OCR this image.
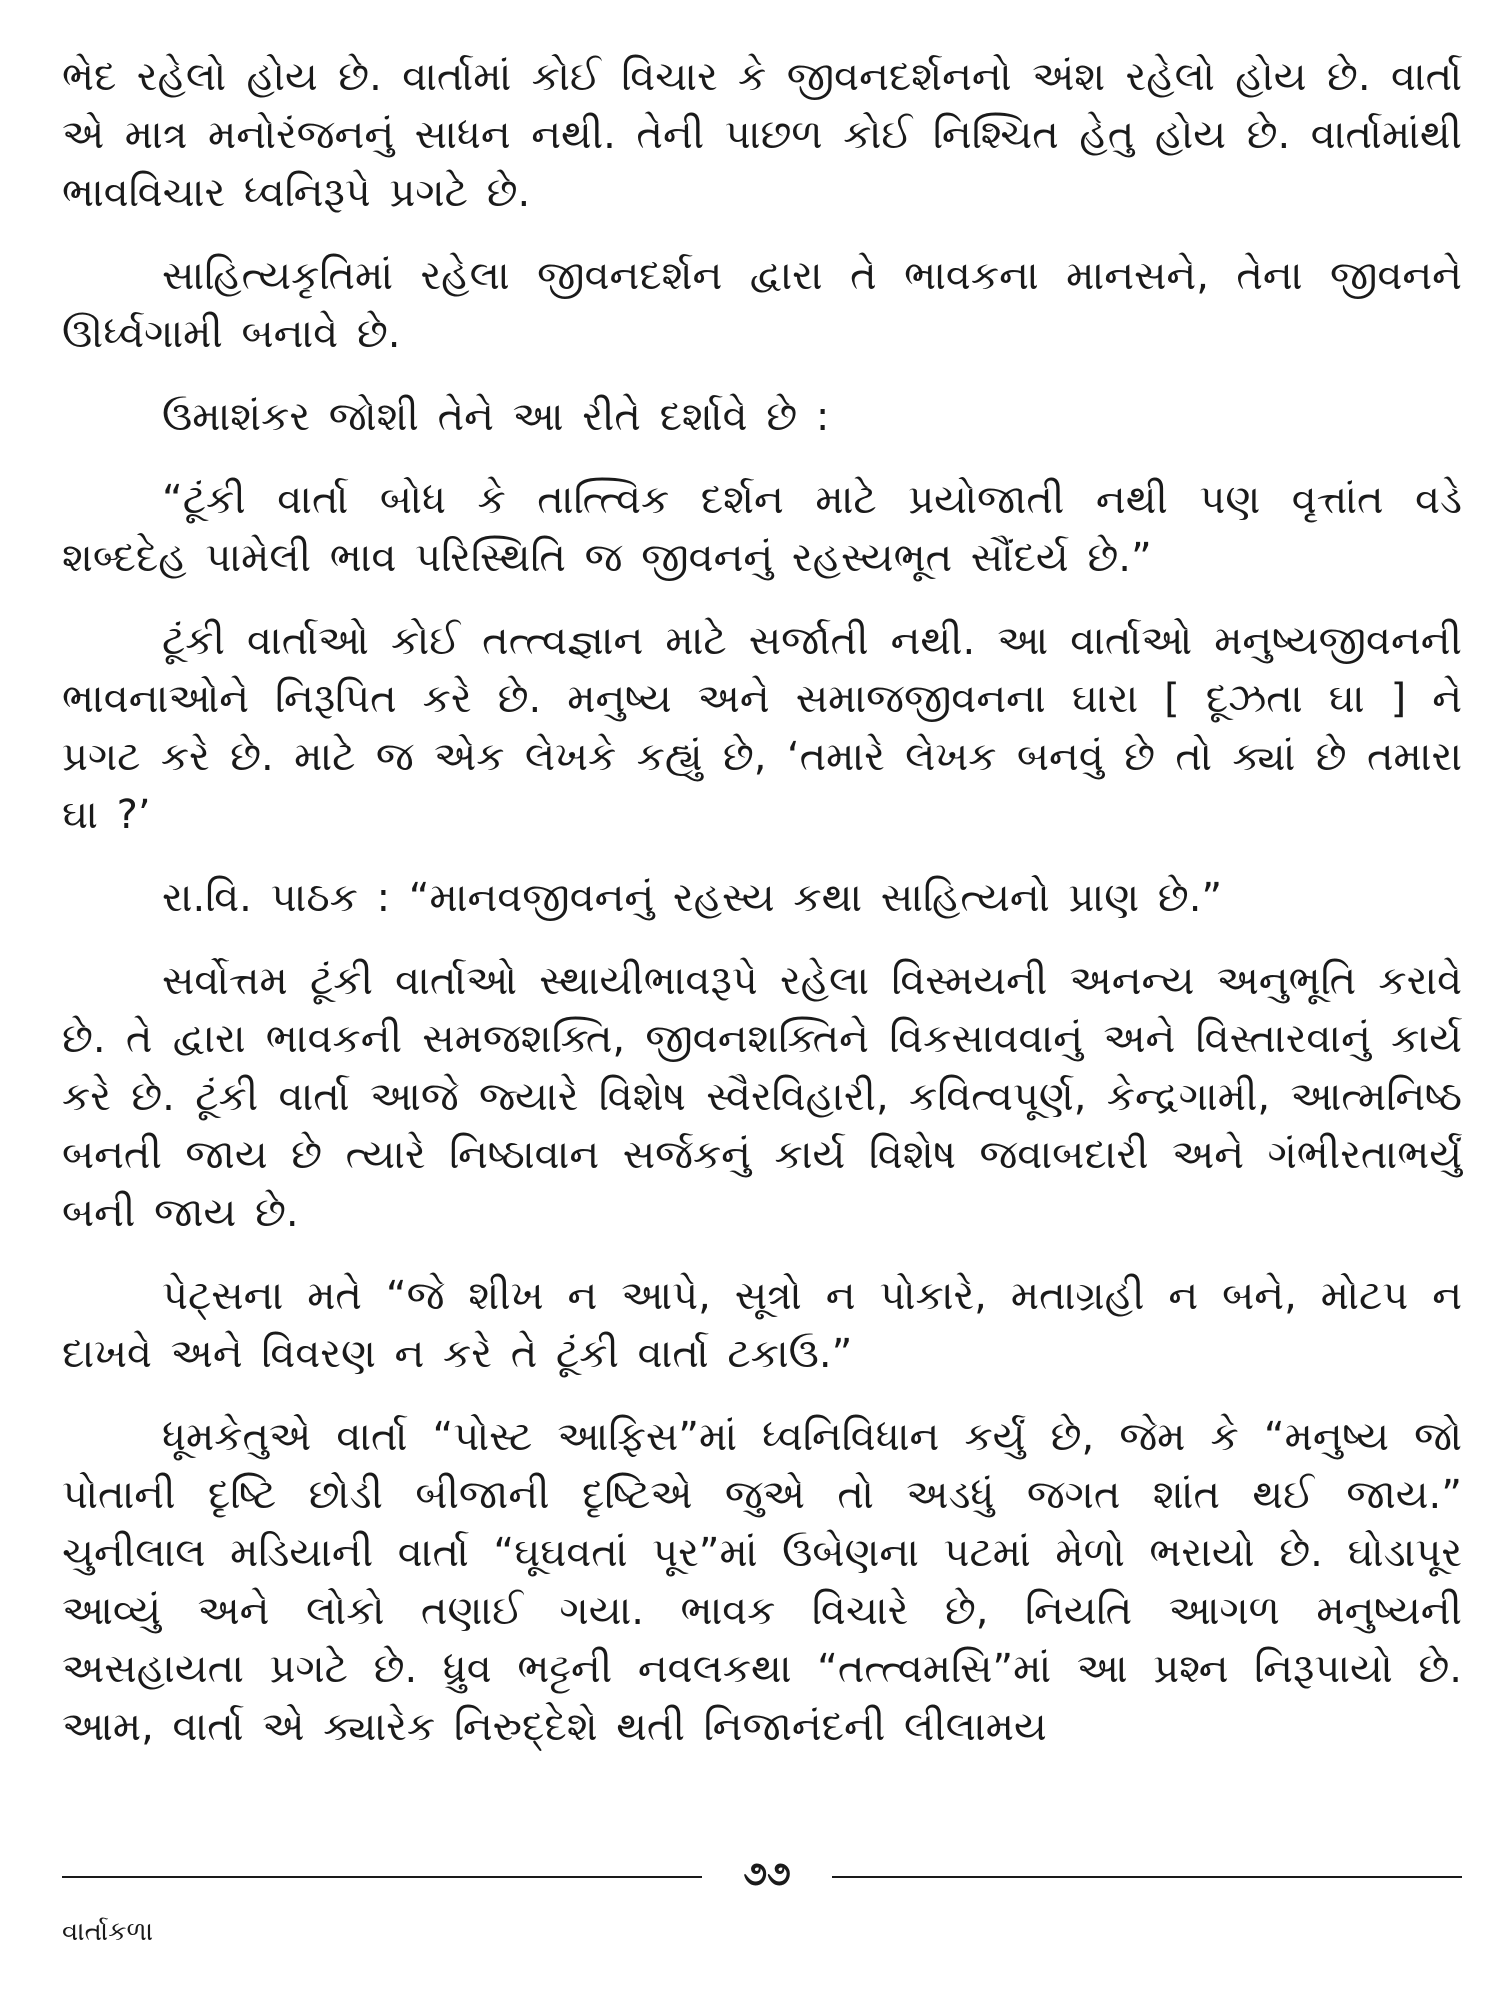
ભેદ રહેલો હોય છે. વાર્તામાં કોઈ વિચાર કે જીવનદર્શનનો અંશ રહેલો હોય છે. વાર્તા એ માત્ર મનોરંજનનું સાધન નથી. તેની પાછળ કોઈ નિશ્ચિત હેતુ હોય છે. વાર્તામાંથી ભાવવિચાર ધ્વનિરૂપે પ્રગટે છે.

સાહિત્યકૃતિમાં રહેલા જીવનદર્શન દ્વારા તે ભાવકના માનસને, તેના જીવનને ઊર્ધ્વગામી બનાવે છે.

ઉમાશંકર જોશી તેને આ રીતે દર્શાવે છે :

“ટૂંકી વાર્તા બોધ કે તાત્ત્વિક દર્શન માટે પ્રયોજાતી નથી પણ વૃત્તાંત વડે શબ્દદેહ પામેલી ભાવ પરિસ્થિતિ જ જીવનનું રહસ્યભૂત સૌંદર્ય છે.”

ટૂંકી વાર્તાઓ કોઈ તત્ત્વજ્ઞાન માટે સર્જાતી નથી. આ વાર્તાઓ મનુષ્યજીવનની ભાવનાઓને નિરૂપિત કરે છે. મનુષ્ય અને સમાજજીવનના ઘારા [ દૂઝતા ઘા ] ને પ્રગટ કરે છે. માટે જ એક લેખકે કહ્યું છે, ‘તમારે લેખક બનવું છે તો ક્યાં છે તમારા ઘા ?’

રા.વિ. પાઠક : “માનવજીવનનું રહસ્ય કથા સાહિત્યનો પ્રાણ છે.”

સર્વોત્તમ ટૂંકી વાર્તાઓ સ્થાયીભાવરૂપે રહેલા વિસ્મયની અનન્ય અનુભૂતિ કરાવે છે. તે દ્વારા ભાવકની સમજશક્તિ, જીવનશક્તિને વિકસાવવાનું અને વિસ્તારવાનું કાર્ય કરે છે. ટૂંકી વાર્તા આજે જ્યારે વિશેષ સ્વૈરવિહારી, કવિત્વપૂર્ણ, કેન્દ્રગામી, આત્મનિષ્ઠ બનતી જાય છે ત્યારે નિષ્ઠાવાન સર્જકનું કાર્ય વિશેષ જવાબદારી અને ગંભીરતાભર્યું બની જાય છે.

પેટ્સના મતે “જે શીખ ન આપે, સૂત્રો ન પોકારે, મતાગ્રહી ન બને, મોટપ ન દાખવે અને વિવરણ ન કરે તે ટૂંકી વાર્તા ટકાઉ.”

ધૂમકેતુએ વાર્તા “પોસ્ટ આફિસ”માં ધ્વનિવિધાન કર્યું છે, જેમ કે “મનુષ્ય જો પોતાની દૃષ્ટિ છોડી બીજાની દૃષ્ટિએ જુએ તો અડધું જગત શાંત થઈ જાય.” ચુનીલાલ મડિયાની વાર્તા “ઘૂઘવતાં પૂર”માં ઉબેણના પટમાં મેળો ભરાયો છે. ઘોડાપૂર આવ્યું અને લોકો તણાઈ ગયા. ભાવક વિચારે છે, નિયતિ આગળ મનુષ્યની અસહાયતા પ્રગટે છે. ધ્રુવ ભટ્ટની નવલકથા “તત્ત્વમસિ”માં આ પ્રશ્ન નિરૂપાયો છે. આમ, વાર્તા એ ક્યારેક નિરુદ્દેશે થતી નિજાનંદની લીલામય

૭૭
વાર્તાકળા
